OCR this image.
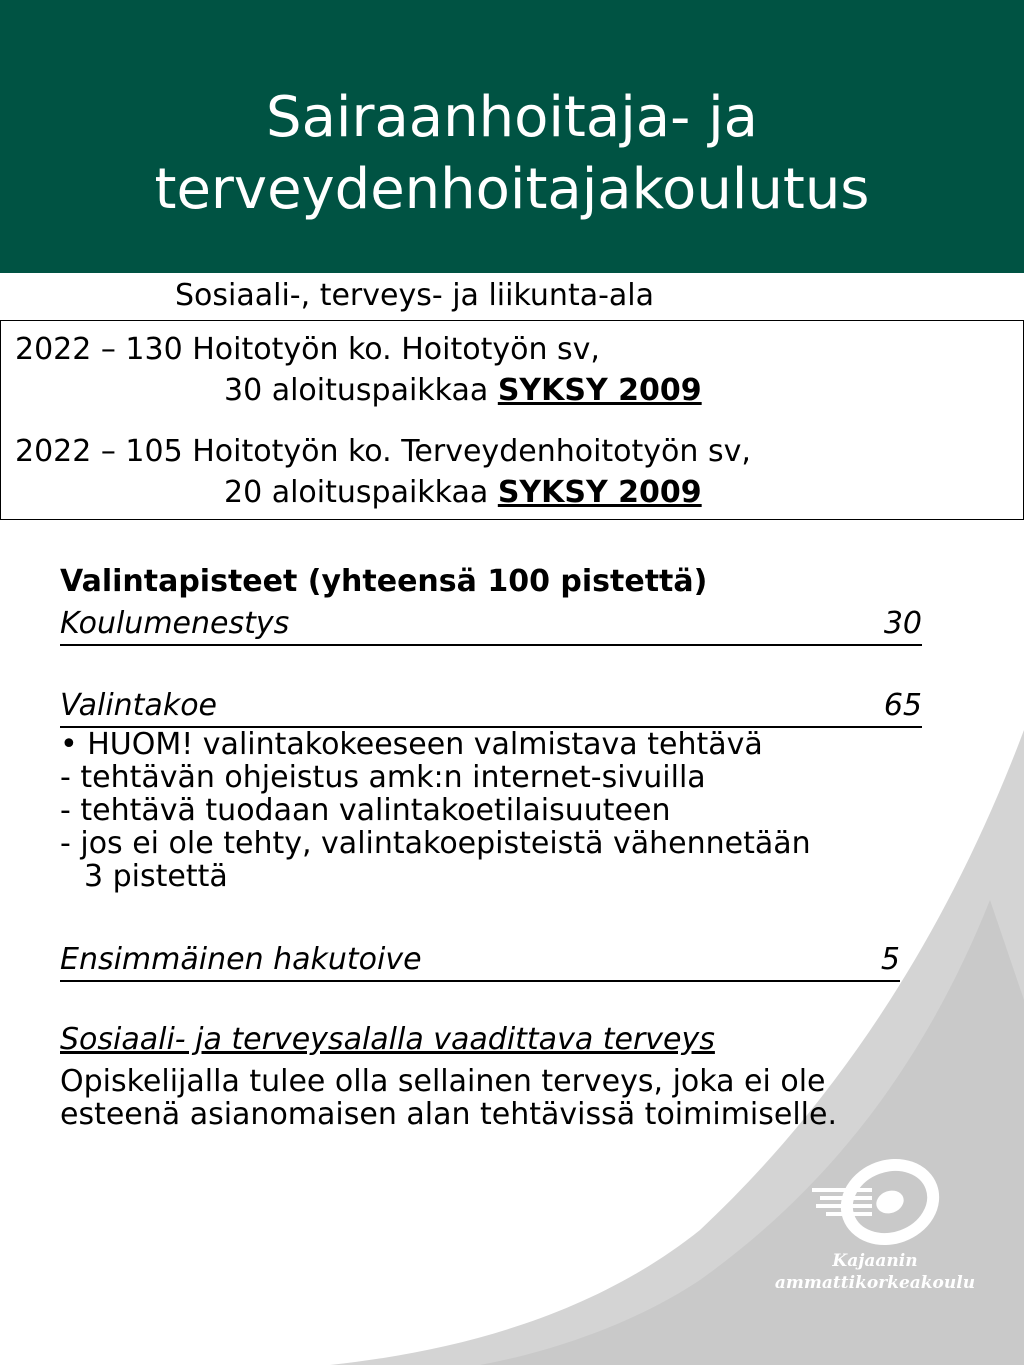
Sairaanhoitaja- ja
terveydenhoitajakoulutus
Sosiaali-, terveys- ja liikunta-ala
2022 – 130 Hoitotyön ko. Hoitotyön sv,
30 aloituspaikkaa SYKSY 2009
2022 – 105 Hoitotyön ko. Terveydenhoitotyön sv,
20 aloituspaikkaa SYKSY 2009
Valintapisteet (yhteensä 100 pistettä)
Koulumenestys	30
Valintakoe	65
• HUOM! valintakokeeseen valmistava tehtävä
- tehtävän ohjeistus amk:n internet-sivuilla
- tehtävä tuodaan valintakoetilaisuuteen
- jos ei ole tehty, valintakoepisteistä vähennetään
3 pistettä
Ensimmäinen hakutoive	5
Sosiaali- ja terveysalalla vaadittava terveys
Opiskelijalla tulee olla sellainen terveys, joka ei ole
esteenä asianomaisen alan tehtävissä toimimiselle.
Kajaanin
ammattikorkeakoulu
